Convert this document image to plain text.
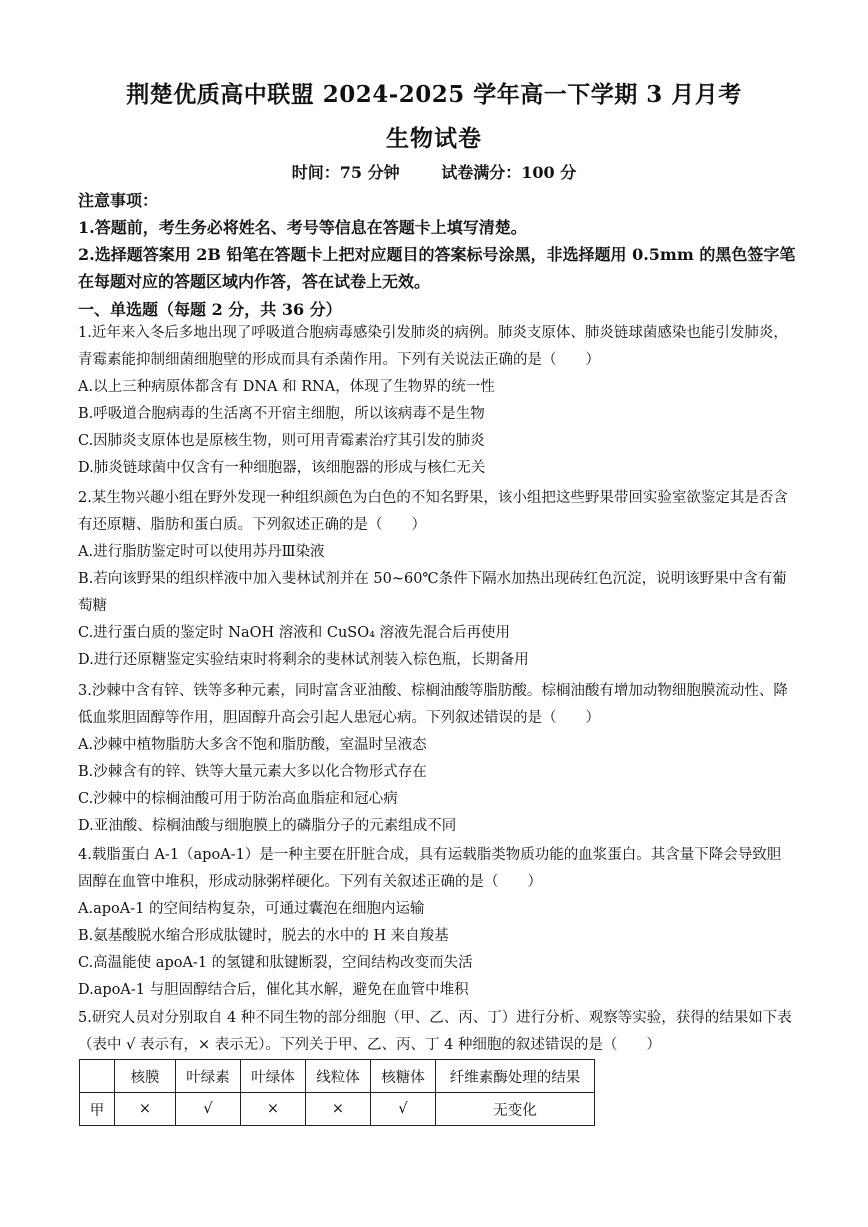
荆楚优质高中联盟 2024-2025 学年高一下学期 3 月月考
生物试卷
时间：75 分钟	试卷满分：100 分
注意事项：
1.答题前，考生务必将姓名、考号等信息在答题卡上填写清楚。
2.选择题答案用 2B 铅笔在答题卡上把对应题目的答案标号涂黑，非选择题用 0.5mm 的黑色签字笔在每题对应的答题区域内作答，答在试卷上无效。
一、单选题（每题 2 分，共 36 分）

1.近年来入冬后多地出现了呼吸道合胞病毒感染引发肺炎的病例。肺炎支原体、肺炎链球菌感染也能引发肺炎，青霉素能抑制细菌细胞壁的形成而具有杀菌作用。下列有关说法正确的是（　　）

A.以上三种病原体都含有 DNA 和 RNA，体现了生物界的统一性

B.呼吸道合胞病毒的生活离不开宿主细胞，所以该病毒不是生物

C.因肺炎支原体也是原核生物，则可用青霉素治疗其引发的肺炎

D.肺炎链球菌中仅含有一种细胞器，该细胞器的形成与核仁无关

2.某生物兴趣小组在野外发现一种组织颜色为白色的不知名野果，该小组把这些野果带回实验室欲鉴定其是否含有还原糖、脂肪和蛋白质。下列叙述正确的是（　　）

A.进行脂肪鉴定时可以使用苏丹Ⅲ染液

B.若向该野果的组织样液中加入斐林试剂并在 50~60℃条件下隔水加热出现砖红色沉淀，说明该野果中含有葡萄糖

C.进行蛋白质的鉴定时 NaOH 溶液和 CuSO₄ 溶液先混合后再使用

D.进行还原糖鉴定实验结束时将剩余的斐林试剂装入棕色瓶，长期备用

3.沙棘中含有锌、铁等多种元素，同时富含亚油酸、棕榈油酸等脂肪酸。棕榈油酸有增加动物细胞膜流动性、降低血浆胆固醇等作用，胆固醇升高会引起人患冠心病。下列叙述错误的是（　　）

A.沙棘中植物脂肪大多含不饱和脂肪酸，室温时呈液态

B.沙棘含有的锌、铁等大量元素大多以化合物形式存在

C.沙棘中的棕榈油酸可用于防治高血脂症和冠心病

D.亚油酸、棕榈油酸与细胞膜上的磷脂分子的元素组成不同

4.载脂蛋白 A-1（apoA-1）是一种主要在肝脏合成，具有运载脂类物质功能的血浆蛋白。其含量下降会导致胆固醇在血管中堆积，形成动脉粥样硬化。下列有关叙述正确的是（　　）

A.apoA-1 的空间结构复杂，可通过囊泡在细胞内运输

B.氨基酸脱水缩合形成肽键时，脱去的水中的 H 来自羧基

C.高温能使 apoA-1 的氢键和肽键断裂，空间结构改变而失活

D.apoA-1 与胆固醇结合后，催化其水解，避免在血管中堆积

5.研究人员对分别取自 4 种不同生物的部分细胞（甲、乙、丙、丁）进行分析、观察等实验，获得的结果如下表（表中 √ 表示有，× 表示无）。下列关于甲、乙、丙、丁 4 种细胞的叙述错误的是（　　）

	核膜	叶绿素	叶绿体	线粒体	核糖体	纤维素酶处理的结果
甲	×	√	×	×	√	无变化
